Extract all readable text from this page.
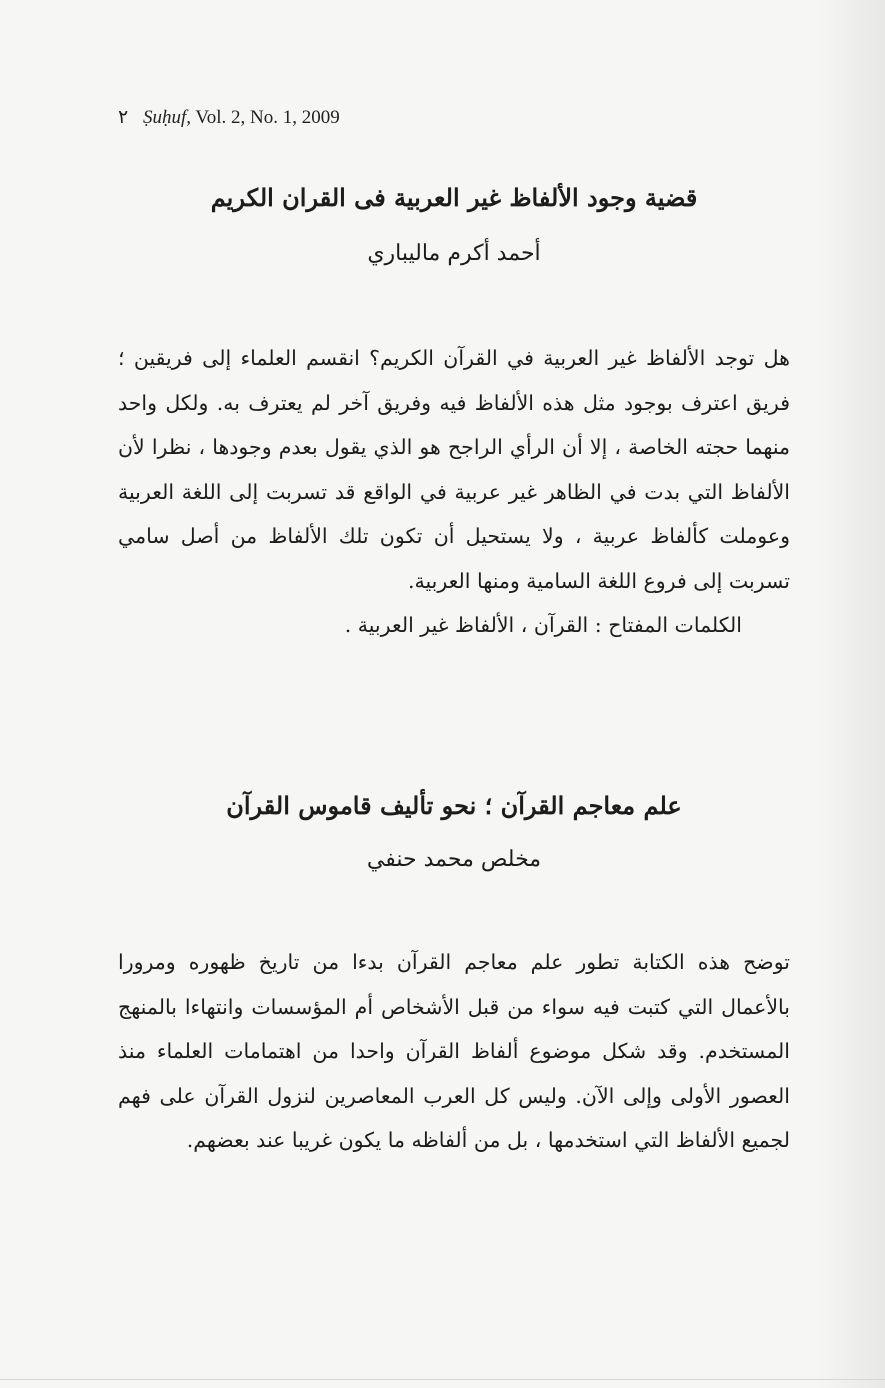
٢ Ṣuḥuf, Vol. 2, No. 1, 2009
قضية وجود الألفاظ غير العربية فى القران الكريم
أحمد أكرم ماليباري

هل توجد الألفاظ غير العربية في القرآن الكريم؟ انقسم العلماء إلى فريقين ؛ فريق اعترف بوجود مثل هذه الألفاظ فيه وفريق آخر لم يعترف به. ولكل واحد منهما حجته الخاصة ، إلا أن الرأي الراجح هو الذي يقول بعدم وجودها ، نظرا لأن الألفاظ التي بدت في الظاهر غير عربية في الواقع قد تسربت إلى اللغة العربية وعوملت كألفاظ عربية ، ولا يستحيل أن تكون تلك الألفاظ من أصل سامي تسربت إلى فروع اللغة السامية ومنها العربية.

الكلمات المفتاح : القرآن ، الألفاظ غير العربية .
علم معاجم القرآن ؛ نحو تأليف قاموس القرآن
مخلص محمد حنفي

توضح هذه الكتابة تطور علم معاجم القرآن بدءا من تاريخ ظهوره ومرورا بالأعمال التي كتبت فيه سواء من قبل الأشخاص أم المؤسسات وانتهاءا بالمنهج المستخدم. وقد شكل موضوع ألفاظ القرآن واحدا من اهتمامات العلماء منذ العصور الأولى وإلى الآن. وليس كل العرب المعاصرين لنزول القرآن على فهم لجميع الألفاظ التي استخدمها ، بل من ألفاظه ما يكون غريبا عند بعضهم.
